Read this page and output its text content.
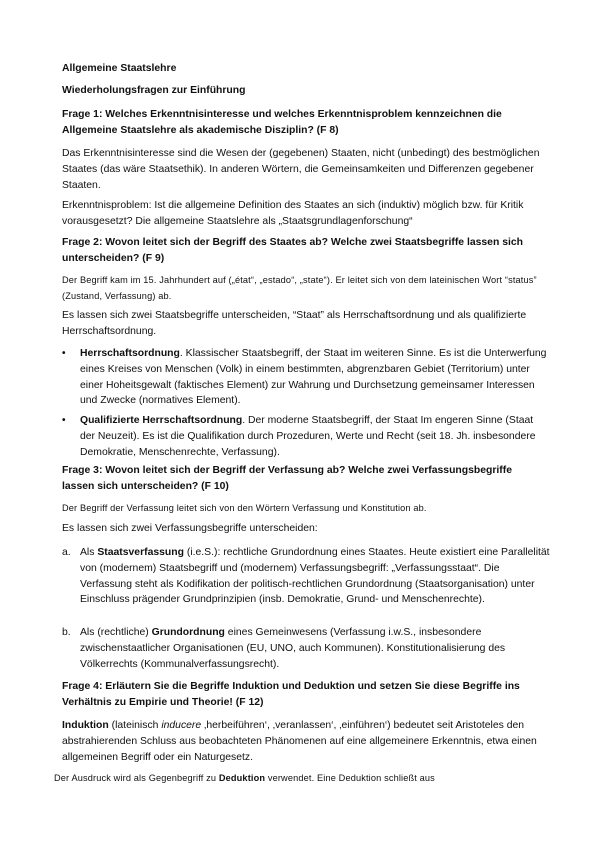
Allgemeine Staatslehre

Wiederholungsfragen zur Einführung

Frage 1: Welches Erkenntnisinteresse und welches Erkenntnisproblem kennzeichnen die Allgemeine Staatslehre als akademische Disziplin? (F 8)

Das Erkenntnisinteresse sind die Wesen der (gegebenen) Staaten, nicht (unbedingt) des bestmöglichen Staates (das wäre Staatsethik). In anderen Wörtern, die Gemeinsamkeiten und Differenzen gegebener Staaten.

Erkenntnisproblem: Ist die allgemeine Definition des Staates an sich (induktiv) möglich bzw. für Kritik vorausgesetzt? Die allgemeine Staatslehre als „Staatsgrundlagenforschung“

Frage 2: Wovon leitet sich der Begriff des Staates ab? Welche zwei Staatsbegriffe lassen sich unterscheiden? (F 9)

Der Begriff kam im 15. Jahrhundert auf („état“, „estado“, „state“). Er leitet sich von dem lateinischen Wort “status” (Zustand, Verfassung) ab.

Es lassen sich zwei Staatsbegriffe unterscheiden, “Staat” als Herrschaftsordnung und als qualifizierte Herrschaftsordnung.

• Herrschaftsordnung. Klassischer Staatsbegriff, der Staat im weiteren Sinne. Es ist die Unterwerfung eines Kreises von Menschen (Volk) in einem bestimmten, abgrenzbaren Gebiet (Territorium) unter einer Hoheitsgewalt (faktisches Element) zur Wahrung und Durchsetzung gemeinsamer Interessen und Zwecke (normatives Element).

• Qualifizierte Herrschaftsordnung. Der moderne Staatsbegriff, der Staat Im engeren Sinne (Staat der Neuzeit). Es ist die Qualifikation durch Prozeduren, Werte und Recht (seit 18. Jh. insbesondere Demokratie, Menschenrechte, Verfassung).

Frage 3: Wovon leitet sich der Begriff der Verfassung ab? Welche zwei Verfassungsbegriffe lassen sich unterscheiden? (F 10)

Der Begriff der Verfassung leitet sich von den Wörtern Verfassung und Konstitution ab.

Es lassen sich zwei Verfassungsbegriffe unterscheiden:

a. Als Staatsverfassung (i.e.S.): rechtliche Grundordnung eines Staates. Heute existiert eine Parallelität von (modernem) Staatsbegriff und (modernem) Verfassungsbegriff: „Verfassungsstaat“. Die Verfassung steht als Kodifikation der politisch-rechtlichen Grundordnung (Staatsorganisation) unter Einschluss prägender Grundprinzipien (insb. Demokratie, Grund- und Menschenrechte).

b. Als (rechtliche) Grundordnung eines Gemeinwesens (Verfassung i.w.S., insbesondere zwischenstaatlicher Organisationen (EU, UNO, auch Kommunen). Konstitutionalisierung des Völkerrechts (Kommunalverfassungsrecht).

Frage 4: Erläutern Sie die Begriffe Induktion und Deduktion und setzen Sie diese Begriffe ins Verhältnis zu Empirie und Theorie! (F 12)

Induktion (lateinisch inducere ‚herbeiführen‘, ‚veranlassen‘, ‚einführen‘) bedeutet seit Aristoteles den abstrahierenden Schluss aus beobachteten Phänomenen auf eine allgemeinere Erkenntnis, etwa einen allgemeinen Begriff oder ein Naturgesetz.

Der Ausdruck wird als Gegenbegriff zu Deduktion verwendet. Eine Deduktion schließt aus
